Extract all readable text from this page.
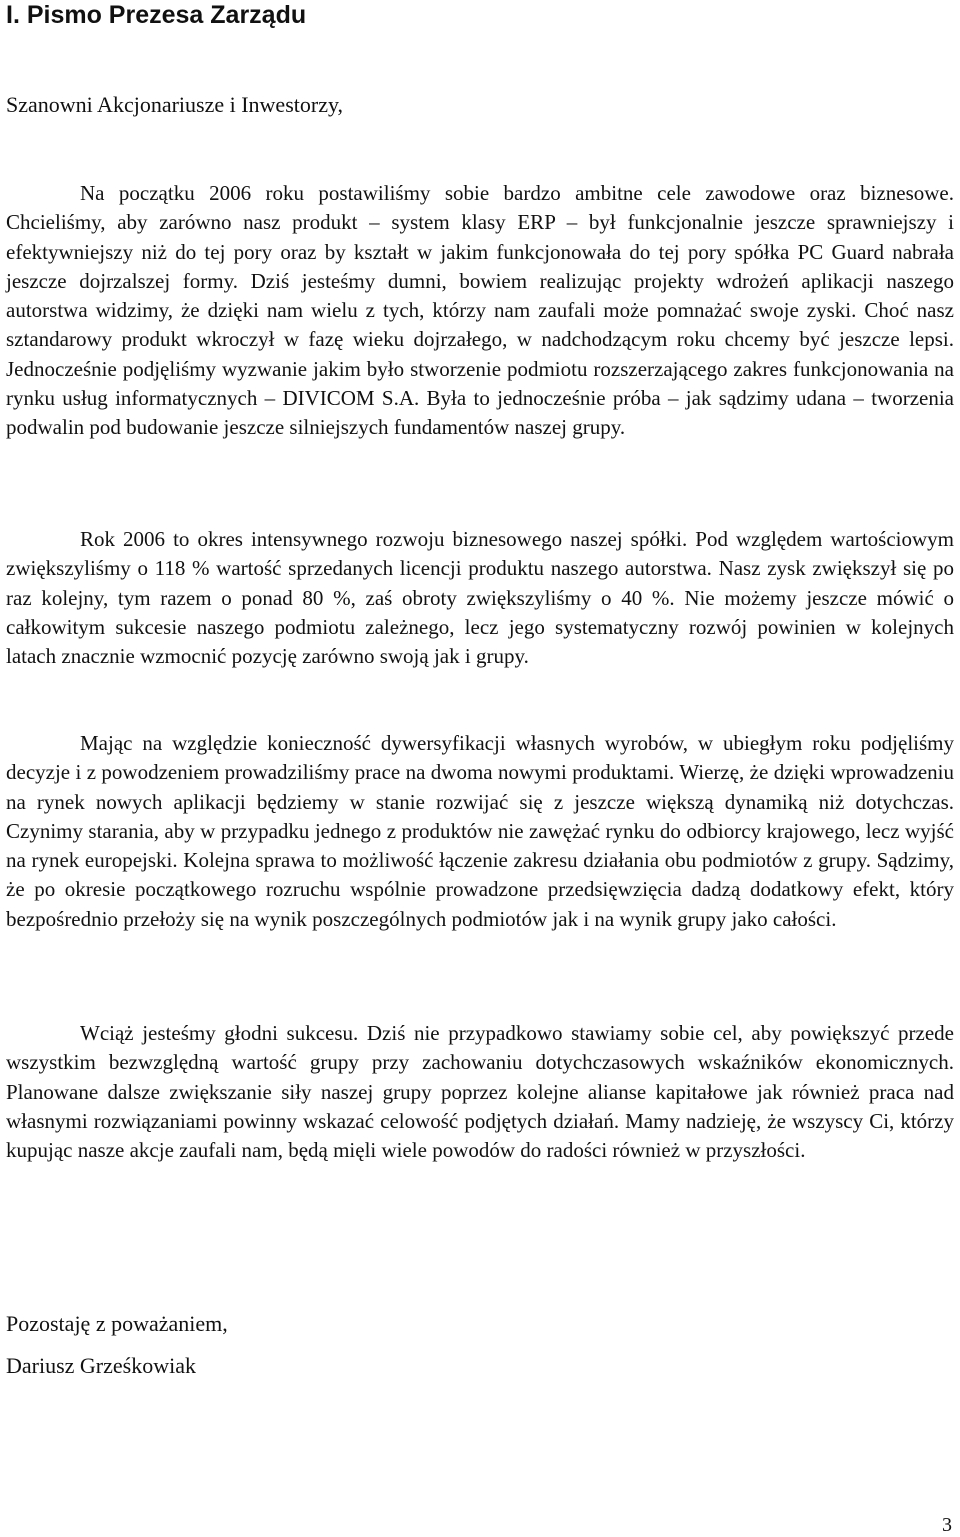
I. Pismo Prezesa Zarządu

Szanowni Akcjonariusze i Inwestorzy,

Na początku 2006 roku postawiliśmy sobie bardzo ambitne cele zawodowe oraz biznesowe. Chcieliśmy, aby zarówno nasz produkt – system klasy ERP – był funkcjonalnie jeszcze sprawniejszy i efektywniejszy niż do tej pory oraz by kształt w jakim funkcjonowała do tej pory spółka PC Guard nabrała jeszcze dojrzalszej formy. Dziś jesteśmy dumni, bowiem realizując projekty wdrożeń aplikacji naszego autorstwa widzimy, że dzięki nam wielu z tych, którzy nam zaufali może pomnażać swoje zyski. Choć nasz sztandarowy produkt wkroczył w fazę wieku dojrzałego, w nadchodzącym roku chcemy być jeszcze lepsi. Jednocześnie podjęliśmy wyzwanie jakim było stworzenie podmiotu rozszerzającego zakres funkcjonowania na rynku usług informatycznych – DIVICOM S.A. Była to jednocześnie próba – jak sądzimy udana – tworzenia podwalin pod budowanie jeszcze silniejszych fundamentów naszej grupy.

Rok 2006 to okres intensywnego rozwoju biznesowego naszej spółki. Pod względem wartościowym zwiększyliśmy o 118 % wartość sprzedanych licencji produktu naszego autorstwa. Nasz zysk zwiększył się po raz kolejny, tym razem o ponad 80 %, zaś obroty zwiększyliśmy o 40 %. Nie możemy jeszcze mówić o całkowitym sukcesie naszego podmiotu zależnego, lecz jego systematyczny rozwój powinien w kolejnych latach znacznie wzmocnić pozycję zarówno swoją jak i grupy.

Mając na względzie konieczność dywersyfikacji własnych wyrobów, w ubiegłym roku podjęliśmy decyzje i z powodzeniem prowadziliśmy prace na dwoma nowymi produktami. Wierzę, że dzięki wprowadzeniu na rynek nowych aplikacji będziemy w stanie rozwijać się z jeszcze większą dynamiką niż dotychczas. Czynimy starania, aby w przypadku jednego z produktów nie zawężać rynku do odbiorcy krajowego, lecz wyjść na rynek europejski. Kolejna sprawa to możliwość łączenie zakresu działania obu podmiotów z grupy. Sądzimy, że po okresie początkowego rozruchu wspólnie prowadzone przedsięwzięcia dadzą dodatkowy efekt, który bezpośrednio przełoży się na wynik poszczególnych podmiotów jak i na wynik grupy jako całości.

Wciąż jesteśmy głodni sukcesu. Dziś nie przypadkowo stawiamy sobie cel, aby powiększyć przede wszystkim bezwzględną wartość grupy przy zachowaniu dotychczasowych wskaźników ekonomicznych. Planowane dalsze zwiększanie siły naszej grupy poprzez kolejne alianse kapitałowe jak również praca nad własnymi rozwiązaniami powinny wskazać celowość podjętych działań. Mamy nadzieję, że wszyscy Ci, którzy kupując nasze akcje zaufali nam, będą mięli wiele powodów do radości również w przyszłości.

Pozostaję z poważaniem,

Dariusz Grześkowiak

3
